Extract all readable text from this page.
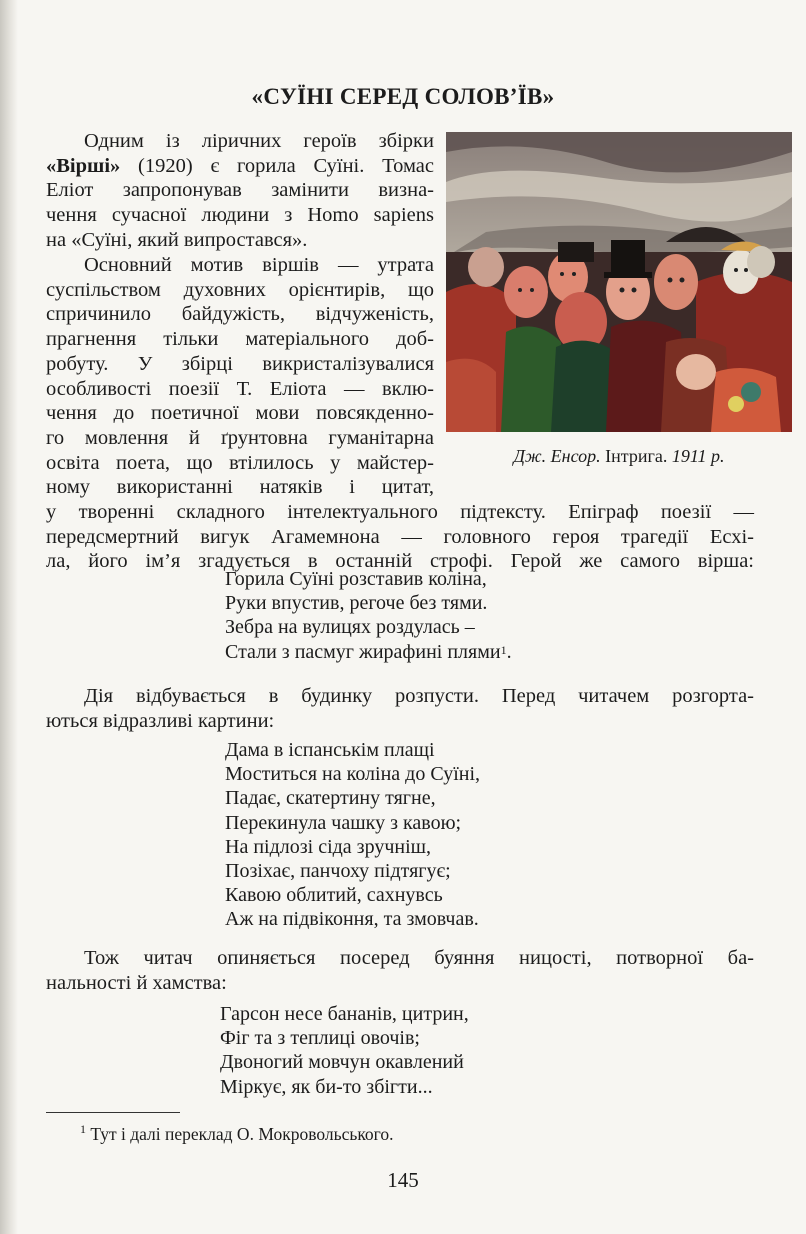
«СУЇНІ СЕРЕД СОЛОВ’ЇВ»
Одним із ліричних героїв збірки
«Вірші» (1920) є горила Суїні. Томас
Еліот запропонував замінити визна-
чення сучасної людини з Homo sapiens
на «Суїні, який випростався».
Основний мотив віршів — утрата
суспільством духовних орієнтирів, що
спричинило байдужість, відчуженість,
прагнення тільки матеріального доб-
робуту. У збірці викристалізувалися
особливості поезії Т. Еліота — вклю-
чення до поетичної мови повсякденно-
го мовлення й ґрунтовна гуманітарна
освіта поета, що втілилось у майстер-
ному використанні натяків і цитат,
у творенні складного інтелектуального підтексту. Епіграф поезії —
передсмертний вигук Агамемнона — головного героя трагедії Есхі-
ла, його ім’я згадується в останній строфі. Герой же самого вірша:
Дж. Енсор. Інтрига. 1911 р.
Горила Суїні розставив коліна,
Руки впустив, регоче без тями.
Зебра на вулицях роздулась –
Стали з пасмуг жирафині плями$^1$.
Дія відбувається в будинку розпусти. Перед читачем розгорта-
ються відразливі картини:
Дама в іспанськім плащі
Моститься на коліна до Суїні,
Падає, скатертину тягне,
Перекинула чашку з кавою;
На підлозі сіда зручніш,
Позіхає, панчоху підтягує;
Кавою облитий, сахнувсь
Аж на підвіконня, та змовчав.
Тож читач опиняється посеред буяння ницості, потворної ба-
нальності й хамства:
Гарсон несе бананів, цитрин,
Фіг та з теплиці овочів;
Двоногий мовчун окавлений
Міркує, як би-то збігти...
$^1$ Тут і далі переклад О. Мокровольського.
145
